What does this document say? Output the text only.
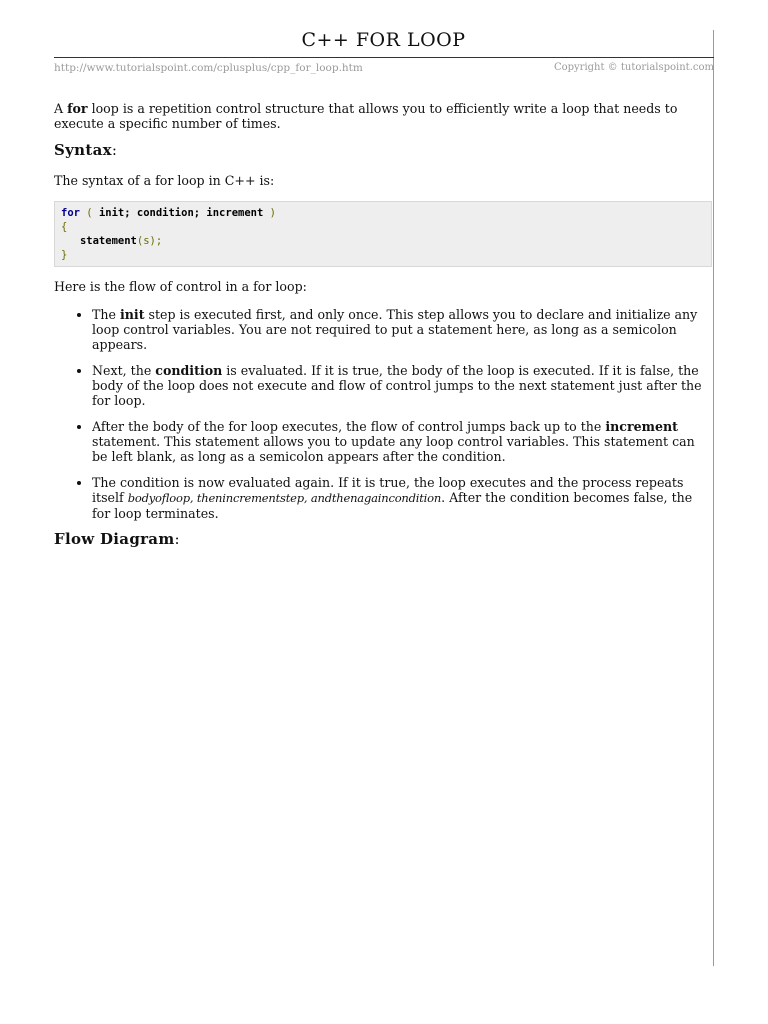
C++ FOR LOOP
http://www.tutorialspoint.com/cplusplus/cpp_for_loop.htm	Copyright © tutorialspoint.com

A for loop is a repetition control structure that allows you to efficiently write a loop that needs to execute a specific number of times.

Syntax:

The syntax of a for loop in C++ is:

for ( init; condition; increment )
{
statement(s);
}

Here is the flow of control in a for loop:

• The init step is executed first, and only once. This step allows you to declare and initialize any loop control variables. You are not required to put a statement here, as long as a semicolon appears.
• Next, the condition is evaluated. If it is true, the body of the loop is executed. If it is false, the body of the loop does not execute and flow of control jumps to the next statement just after the for loop.
• After the body of the for loop executes, the flow of control jumps back up to the increment statement. This statement allows you to update any loop control variables. This statement can be left blank, as long as a semicolon appears after the condition.
• The condition is now evaluated again. If it is true, the loop executes and the process repeats itself bodyofloop, thenincrementstep, andthenagaincondition. After the condition becomes false, the for loop terminates.
Flow Diagram:
